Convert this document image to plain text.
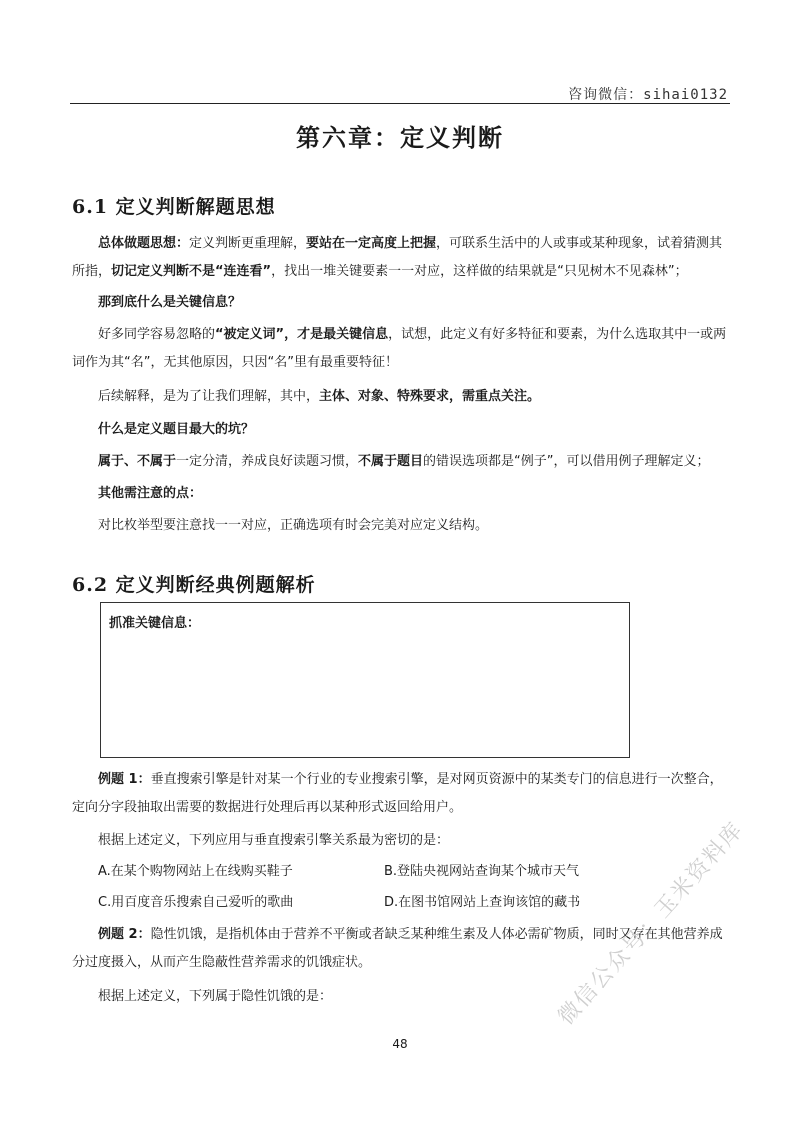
咨询微信：sihai0132
第六章：定义判断
6.1 定义判断解题思想

总体做题思想：定义判断更重理解，要站在一定高度上把握，可联系生活中的人或事或某种现象，试着猜测其所指，切记定义判断不是“连连看”，找出一堆关键要素一一对应，这样做的结果就是“只见树木不见森林”；

那到底什么是关键信息？

好多同学容易忽略的“被定义词”，才是最关键信息，试想，此定义有好多特征和要素，为什么选取其中一或两词作为其“名”，无其他原因，只因“名”里有最重要特征！

后续解释，是为了让我们理解，其中，主体、对象、特殊要求，需重点关注。

什么是定义题目最大的坑？

属于、不属于一定分清，养成良好读题习惯，不属于题目的错误选项都是“例子”，可以借用例子理解定义；

其他需注意的点：

对比枚举型要注意找一一对应，正确选项有时会完美对应定义结构。

6.2 定义判断经典例题解析
抓准关键信息：

例题 1：垂直搜索引擎是针对某一个行业的专业搜索引擎，是对网页资源中的某类专门的信息进行一次整合，定向分字段抽取出需要的数据进行处理后再以某种形式返回给用户。

根据上述定义，下列应用与垂直搜索引擎关系最为密切的是：

A.在某个购物网站上在线购买鞋子	B.登陆央视网站查询某个城市天气
C.用百度音乐搜索自己爱听的歌曲	D.在图书馆网站上查询该馆的藏书

例题 2：隐性饥饿，是指机体由于营养不平衡或者缺乏某种维生素及人体必需矿物质，同时又存在其他营养成分过度摄入，从而产生隐蔽性营养需求的饥饿症状。

根据上述定义，下列属于隐性饥饿的是：

48
微信公众号：玉米资料库
